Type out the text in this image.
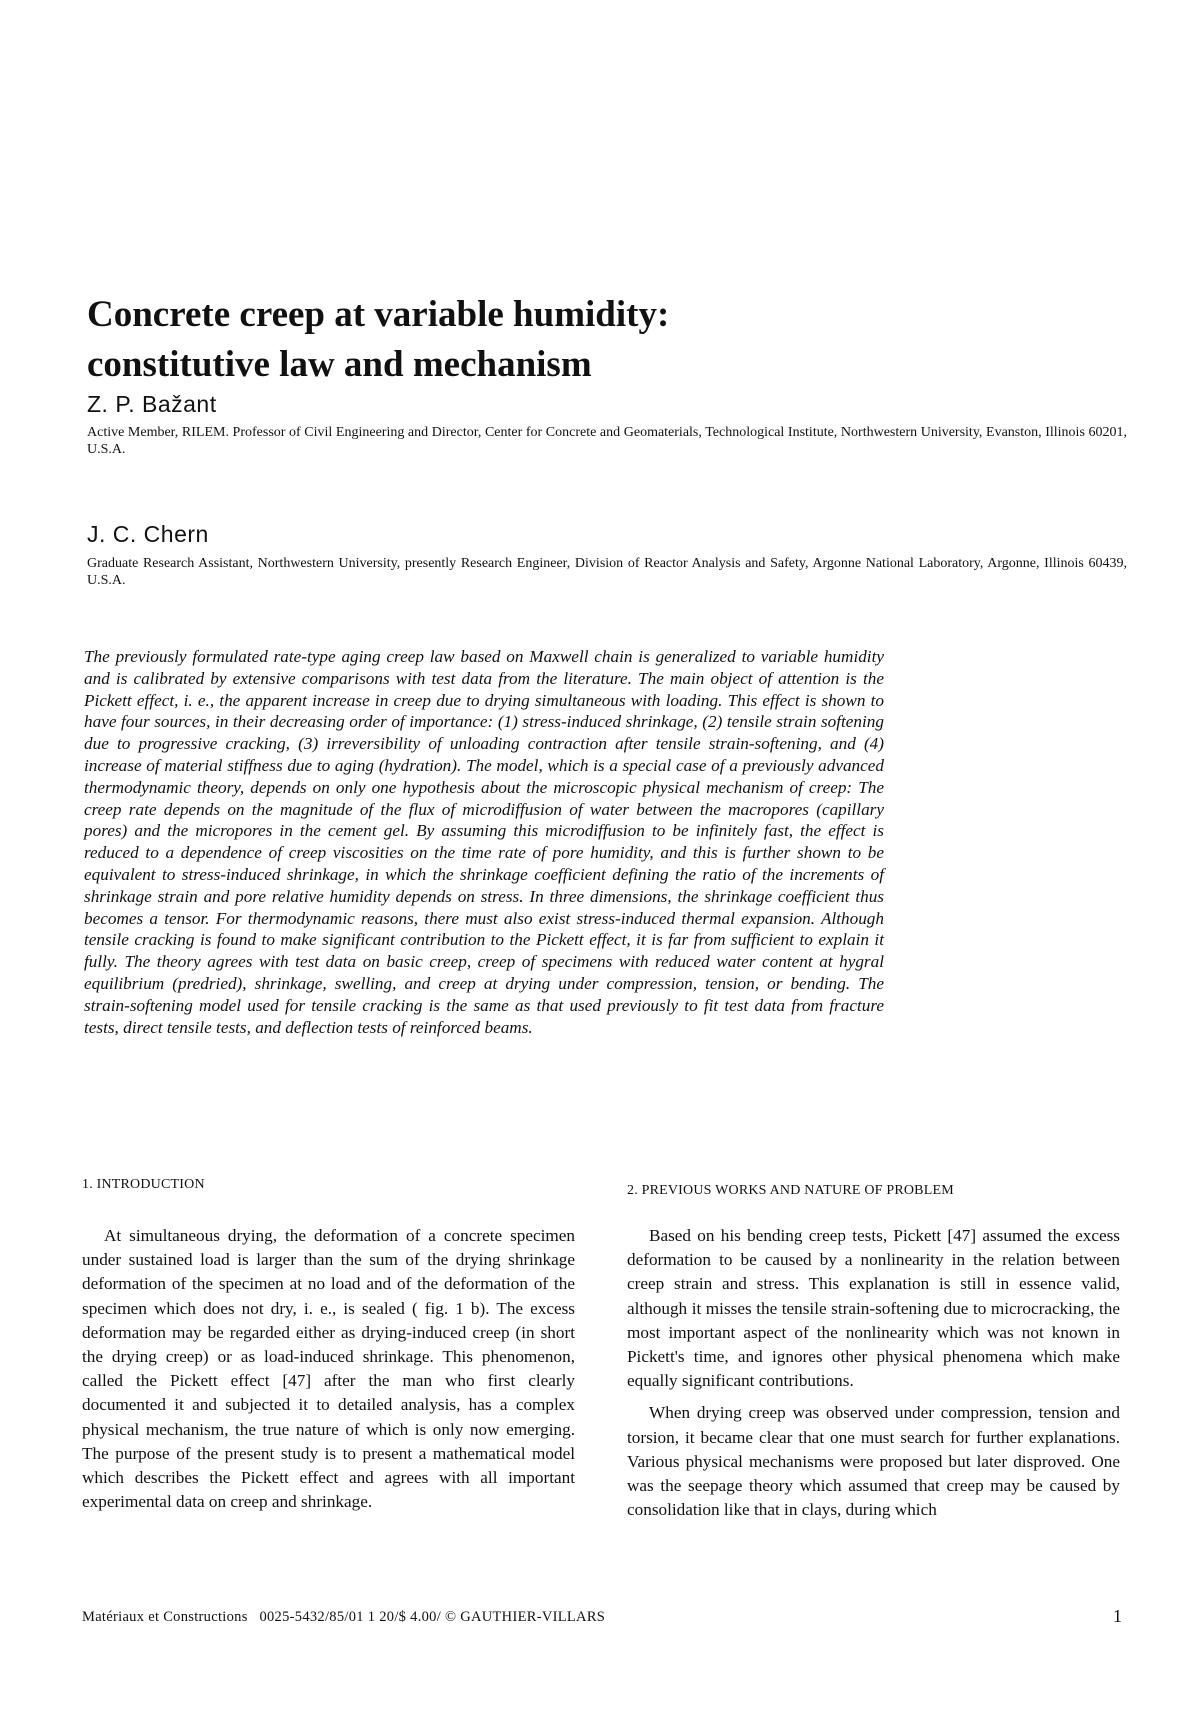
Concrete creep at variable humidity:
constitutive law and mechanism

Z. P. Bažant

Active Member, RILEM. Professor of Civil Engineering and Director, Center for Concrete and Geomaterials, Technological Institute, Northwestern University, Evanston, Illinois 60201, U.S.A.

J. C. Chern

Graduate Research Assistant, Northwestern University, presently Research Engineer, Division of Reactor Analysis and Safety, Argonne National Laboratory, Argonne, Illinois 60439, U.S.A.

The previously formulated rate-type aging creep law based on Maxwell chain is generalized to variable humidity and is calibrated by extensive comparisons with test data from the literature. The main object of attention is the Pickett effect, i. e., the apparent increase in creep due to drying simultaneous with loading. This effect is shown to have four sources, in their decreasing order of importance: (1) stress-induced shrinkage, (2) tensile strain softening due to progressive cracking, (3) irreversibility of unloading contraction after tensile strain-softening, and (4) increase of material stiffness due to aging (hydration). The model, which is a special case of a previously advanced thermodynamic theory, depends on only one hypothesis about the microscopic physical mechanism of creep: The creep rate depends on the magnitude of the flux of microdiffusion of water between the macropores (capillary pores) and the micropores in the cement gel. By assuming this microdiffusion to be infinitely fast, the effect is reduced to a dependence of creep viscosities on the time rate of pore humidity, and this is further shown to be equivalent to stress-induced shrinkage, in which the shrinkage coefficient defining the ratio of the increments of shrinkage strain and pore relative humidity depends on stress. In three dimensions, the shrinkage coefficient thus becomes a tensor. For thermodynamic reasons, there must also exist stress-induced thermal expansion. Although tensile cracking is found to make significant contribution to the Pickett effect, it is far from sufficient to explain it fully. The theory agrees with test data on basic creep, creep of specimens with reduced water content at hygral equilibrium (predried), shrinkage, swelling, and creep at drying under compression, tension, or bending. The strain-softening model used for tensile cracking is the same as that used previously to fit test data from fracture tests, direct tensile tests, and deflection tests of reinforced beams.

1. INTRODUCTION

At simultaneous drying, the deformation of a concrete specimen under sustained load is larger than the sum of the drying shrinkage deformation of the specimen at no load and of the deformation of the specimen which does not dry, i. e., is sealed ( fig. 1 b). The excess deformation may be regarded either as drying-induced creep (in short the drying creep) or as load-induced shrinkage. This phenomenon, called the Pickett effect [47] after the man who first clearly documented it and subjected it to detailed analysis, has a complex physical mechanism, the true nature of which is only now emerging. The purpose of the present study is to present a mathematical model which describes the Pickett effect and agrees with all important experimental data on creep and shrinkage.

2. PREVIOUS WORKS AND NATURE OF PROBLEM

Based on his bending creep tests, Pickett [47] assumed the excess deformation to be caused by a nonlinearity in the relation between creep strain and stress. This explanation is still in essence valid, although it misses the tensile strain-softening due to microcracking, the most important aspect of the nonlinearity which was not known in Pickett's time, and ignores other physical phenomena which make equally significant contributions.

When drying creep was observed under compression, tension and torsion, it became clear that one must search for further explanations. Various physical mechanisms were proposed but later disproved. One was the seepage theory which assumed that creep may be caused by consolidation like that in clays, during which

Matériaux et Constructions 0025-5432/85/01 1 20/$ 4.00/ © GAUTHIER-VILLARS	1
